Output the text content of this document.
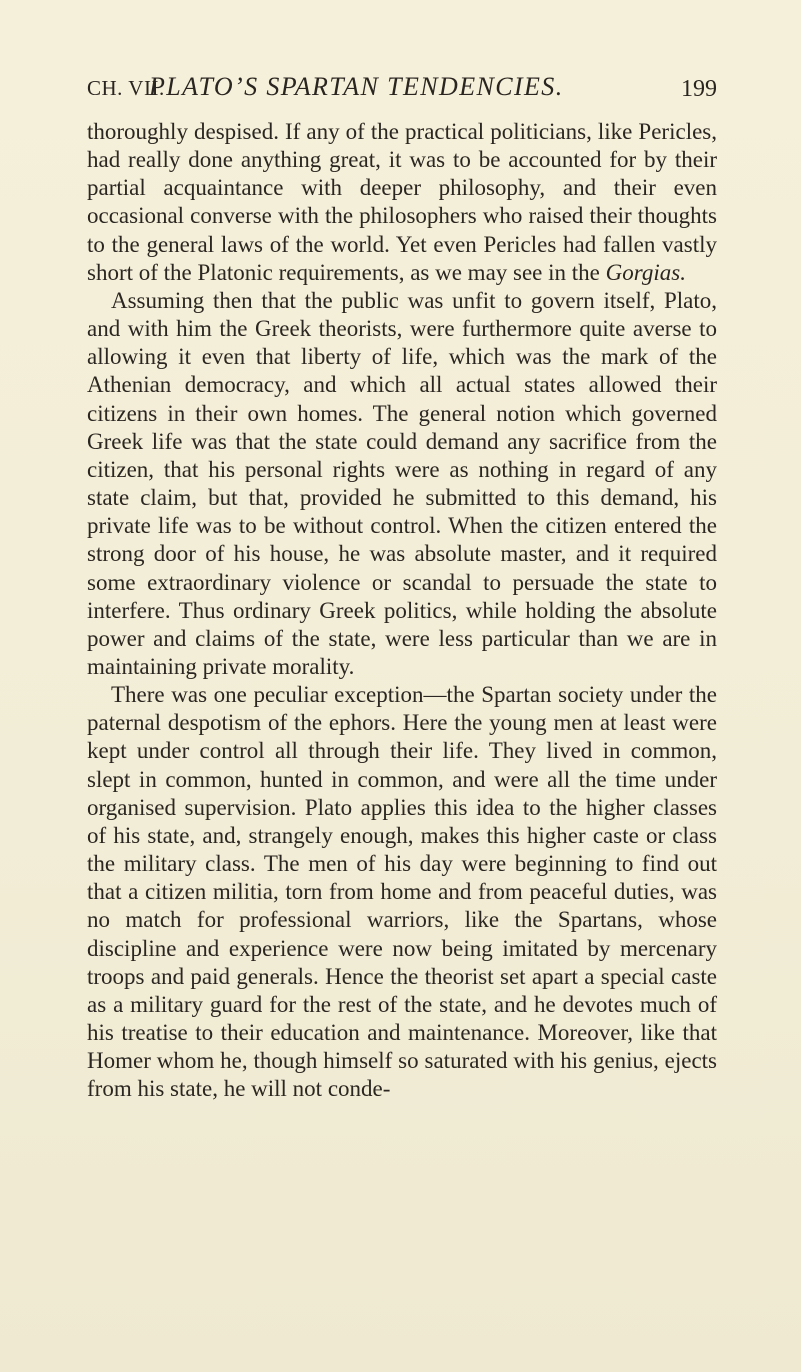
CH. VII.
PLATO’S SPARTAN TENDENCIES.	199

thoroughly despised. If any of the practical politicians, like Pericles, had really done anything great, it was to be accounted for by their partial acquaintance with deeper philosophy, and their even occasional converse with the philosophers who raised their thoughts to the general laws of the world. Yet even Pericles had fallen vastly short of the Platonic requirements, as we may see in the Gorgias.

Assuming then that the public was unfit to govern itself, Plato, and with him the Greek theorists, were furthermore quite averse to allowing it even that liberty of life, which was the mark of the Athenian democracy, and which all actual states allowed their citizens in their own homes. The general notion which governed Greek life was that the state could demand any sacrifice from the citizen, that his personal rights were as nothing in regard of any state claim, but that, provided he submitted to this demand, his private life was to be without control. When the citizen entered the strong door of his house, he was absolute master, and it required some extraordinary violence or scandal to persuade the state to interfere. Thus ordinary Greek politics, while holding the absolute power and claims of the state, were less particular than we are in maintaining private morality.

There was one peculiar exception—the Spartan society under the paternal despotism of the ephors. Here the young men at least were kept under control all through their life. They lived in common, slept in common, hunted in common, and were all the time under organised supervision. Plato applies this idea to the higher classes of his state, and, strangely enough, makes this higher caste or class the military class. The men of his day were beginning to find out that a citizen militia, torn from home and from peaceful duties, was no match for professional warriors, like the Spartans, whose discipline and experience were now being imitated by mercenary troops and paid generals. Hence the theorist set apart a special caste as a military guard for the rest of the state, and he devotes much of his treatise to their education and maintenance. Moreover, like that Homer whom he, though himself so saturated with his genius, ejects from his state, he will not conde-
